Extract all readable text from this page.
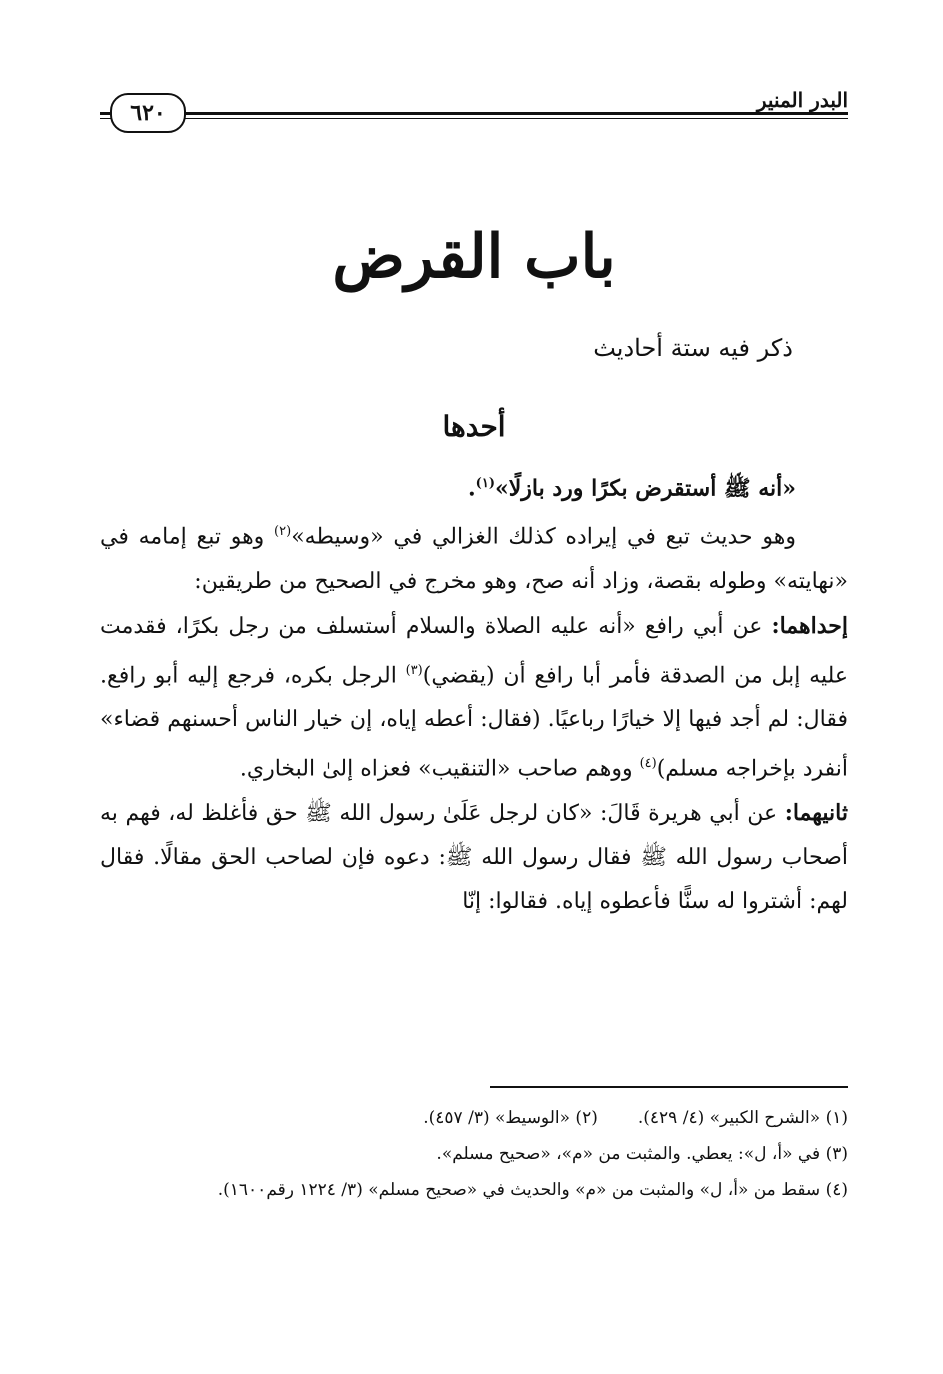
البدر المنير
٦٢٠
باب القرض
ذكر فيه ستة أحاديث
أحدها

«أنه ﷺ أستقرض بكرًا ورد بازلًا»$^{(١)}$.

وهو حديث تبع في إيراده كذلك الغزالي في «وسيطه»$^{(٢)}$ وهو تبع إمامه في «نهايته» وطوله بقصة، وزاد أنه صح، وهو مخرج في الصحيح من طريقين:

إحداهما: عن أبي رافع «أنه عليه الصلاة والسلام أستسلف من رجل بكرًا، فقدمت عليه إبل من الصدقة فأمر أبا رافع أن (يقضي)$^{(٣)}$ الرجل بكره، فرجع إليه أبو رافع. فقال: لم أجد فيها إلا خيارًا رباعيًا. (فقال: أعطه إياه، إن خيار الناس أحسنهم قضاء» أنفرد بإخراجه مسلم)$^{(٤)}$ ووهم صاحب «التنقيب» فعزاه إلىٰ البخاري.

ثانيهما: عن أبي هريرة قَالَ: «كان لرجل عَلَىٰ رسول الله ﷺ حق فأغلظ له، فهم به أصحاب رسول الله ﷺ فقال رسول الله ﷺ: دعوه فإن لصاحب الحق مقالًا. فقال لهم: أشتروا له سنًّا فأعطوه إياه. فقالوا: إنّا

(١) «الشرح الكبير» (٤/ ٤٢٩).
(٢) «الوسيط» (٣/ ٤٥٧).

(٣) في «أ، ل»: يعطي. والمثبت من «م»، «صحيح مسلم».

(٤) سقط من «أ، ل» والمثبت من «م» والحديث في «صحيح مسلم» (٣/ ١٢٢٤ رقم١٦٠٠).
